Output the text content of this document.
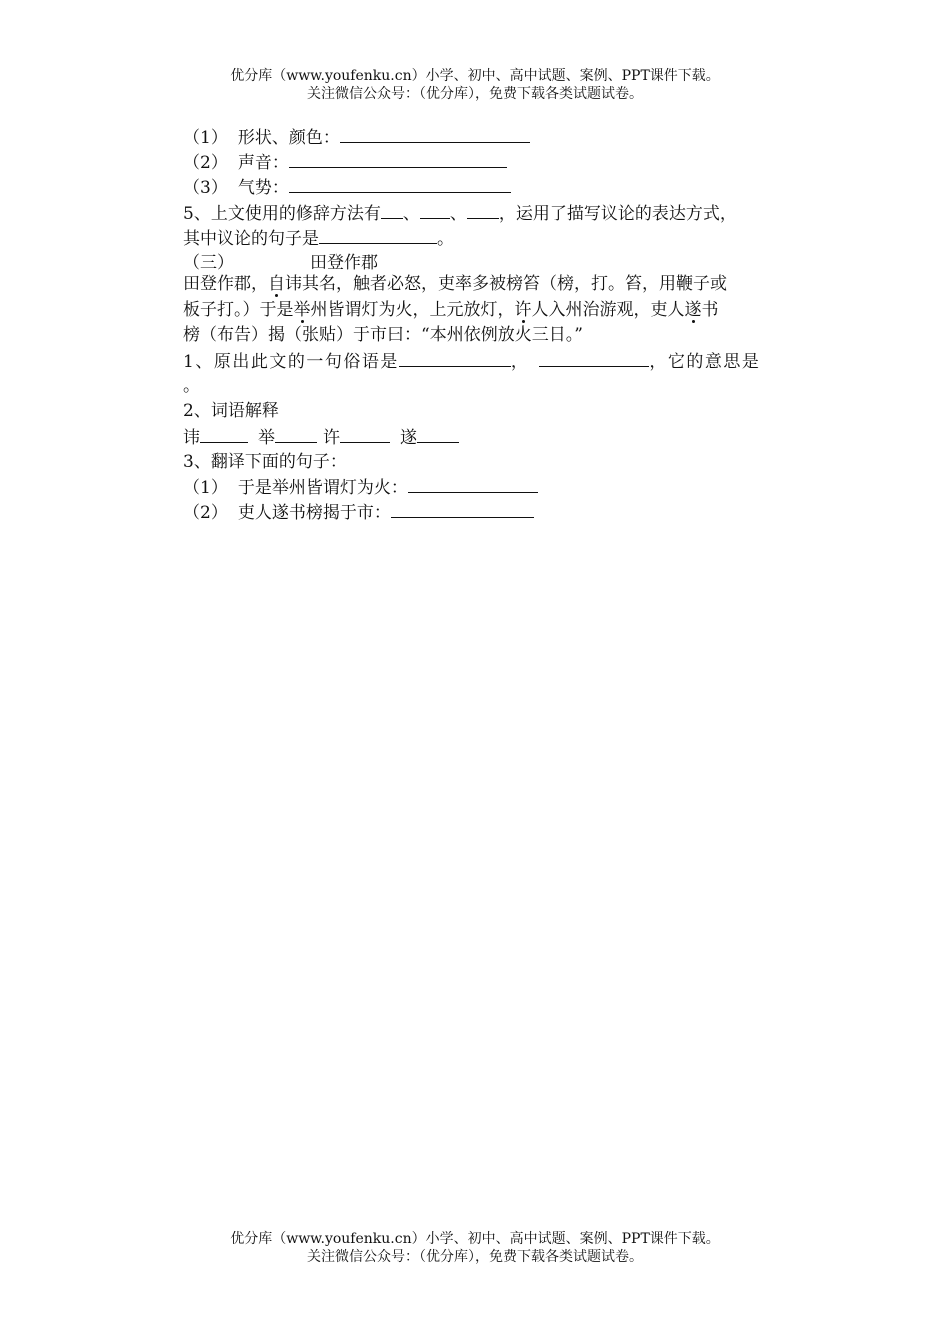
优分库（www.youfenku.cn）小学、初中、高中试题、案例、PPT课件下载。
关注微信公众号：（优分库），免费下载各类试题试卷。
（1） 形状、颜色：
（2） 声音：
（3） 气势：
5、上文使用的修辞方法有 、 、 ，运用了描写议论的表达方式，
其中议论的句子是	。
（三）	田登作郡
田登作郡，自讳其名，触者必怒，吏率多被榜笞（榜，打。笞，用鞭子或
板子打。）于是举州皆谓灯为火，上元放灯，许人入州治游观，吏人遂书
榜（布告）揭（张贴）于市曰：“本州依例放火三日。”
1、原出此文的一句俗语是	，	，它的意思是
。
2、词语解释
讳	举	许	遂
3、翻译下面的句子：
（1） 于是举州皆谓灯为火：
（2） 吏人遂书榜揭于市：
优分库（www.youfenku.cn）小学、初中、高中试题、案例、PPT课件下载。
关注微信公众号：（优分库），免费下载各类试题试卷。
